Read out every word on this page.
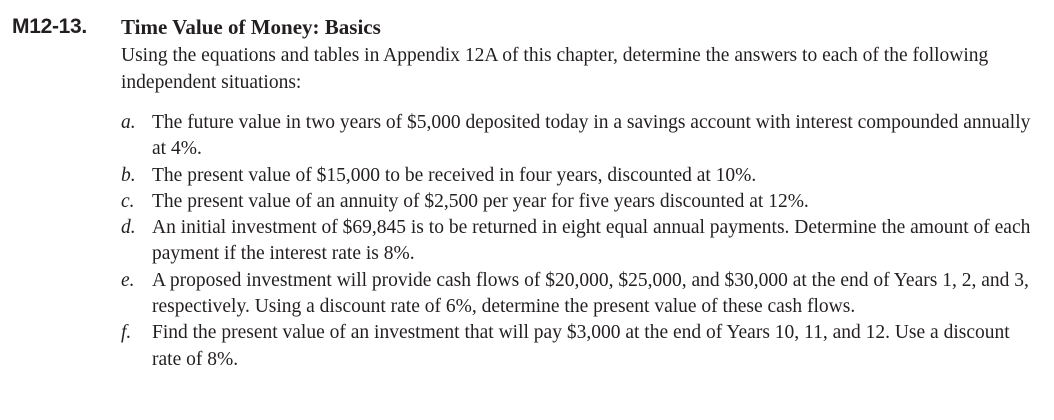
M12-13. Time Value of Money: Basics

Using the equations and tables in Appendix 12A of this chapter, determine the answers to each of the following independent situations:

a. The future value in two years of $5,000 deposited today in a savings account with interest compounded annually at 4%.
b. The present value of $15,000 to be received in four years, discounted at 10%.
c. The present value of an annuity of $2,500 per year for five years discounted at 12%.
d. An initial investment of $69,845 is to be returned in eight equal annual payments. Determine the amount of each payment if the interest rate is 8%.
e. A proposed investment will provide cash flows of $20,000, $25,000, and $30,000 at the end of Years 1, 2, and 3, respectively. Using a discount rate of 6%, determine the present value of these cash flows.
f. Find the present value of an investment that will pay $3,000 at the end of Years 10, 11, and 12. Use a discount rate of 8%.
